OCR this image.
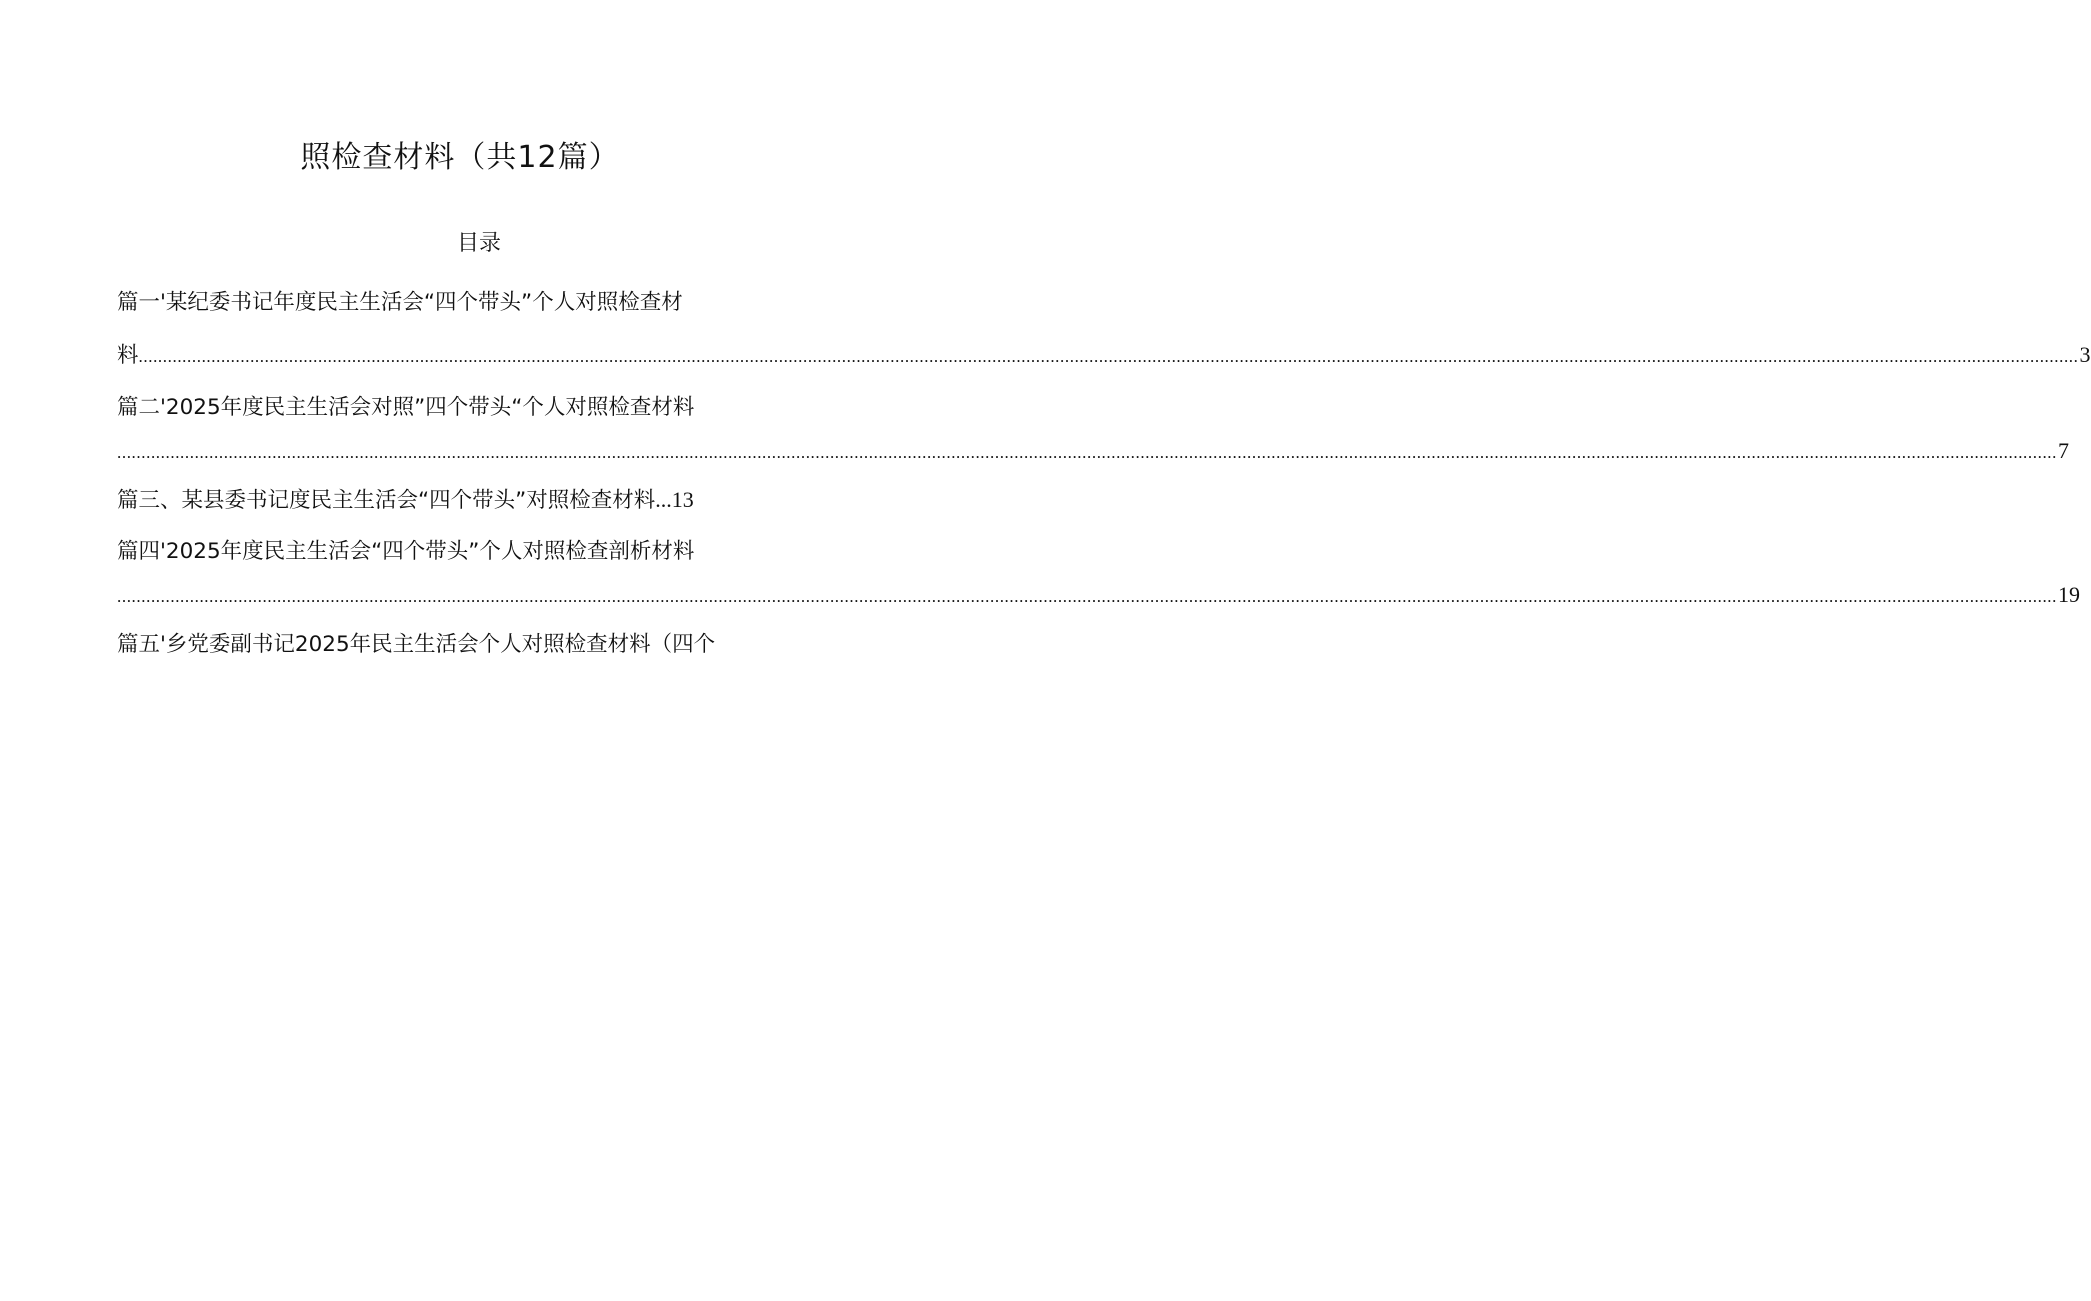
照检查材料（共12篇）
目录
篇一'某纪委书记年度民主生活会“四个带头”个人对照检查材
料 ................................................................................................................................................................................................................................................................................................................................................................................................................ 3
篇二'2025年度民主生活会对照”四个带头“个人对照检查材料
................................................................................................................................................................................................................................................................................................................................................................................................................ 7
篇三、某县委书记度民主生活会“四个带头”对照检查材料...13
篇四'2025年度民主生活会“四个带头”个人对照检查剖析材料
................................................................................................................................................................................................................................................................................................................................................................................................................ 19
篇五'乡党委副书记2025年民主生活会个人对照检查材料（四个
